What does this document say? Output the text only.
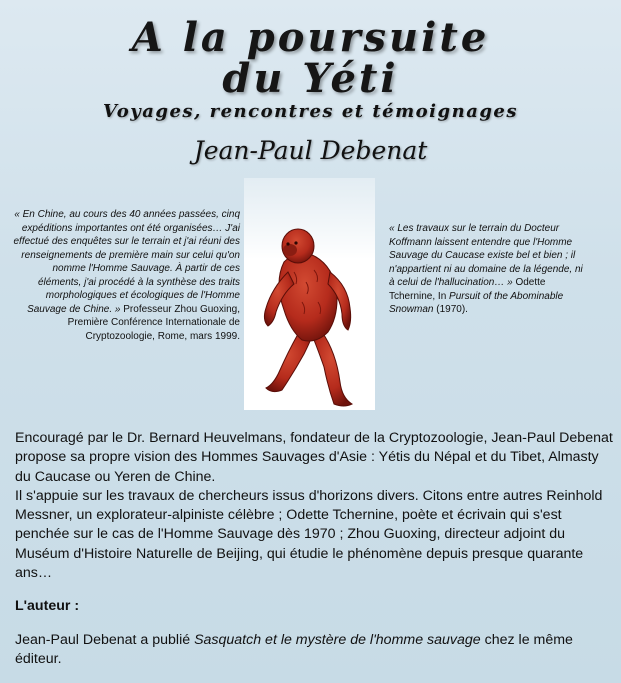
A la poursuite
du Yéti
Voyages, rencontres et témoignages
Jean-Paul Debenat
« En Chine, au cours des 40 années passées, cinq expéditions importantes ont été organisées… J'ai effectué des enquêtes sur le terrain et j'ai réuni des renseignements de première main sur celui qu'on nomme l'Homme Sauvage. À partir de ces éléments, j'ai procédé à la synthèse des traits morphologiques et écologiques de l'Homme Sauvage de Chine. » Professeur Zhou Guoxing, Première Conférence Internationale de Cryptozoologie, Rome, mars 1999.
« Les travaux sur le terrain du Docteur Koffmann laissent entendre que l'Homme Sauvage du Caucase existe bel et bien ; il n'appartient ni au domaine de la légende, ni à celui de l'hallucination… » Odette Tchernine, In Pursuit of the Abominable Snowman (1970).

Encouragé par le Dr. Bernard Heuvelmans, fondateur de la Cryptozoologie, Jean-Paul Debenat propose sa propre vision des Hommes Sauvages d'Asie : Yétis du Népal et du Tibet, Almasty du Caucase ou Yeren de Chine.

Il s'appuie sur les travaux de chercheurs issus d'horizons divers. Citons entre autres Reinhold Messner, un explorateur-alpiniste célèbre ; Odette Tchernine, poète et écrivain qui s'est penchée sur le cas de l'Homme Sauvage dès 1970 ; Zhou Guoxing, directeur adjoint du Muséum d'Histoire Naturelle de Beijing, qui étudie le phénomène depuis presque quarante ans…

L'auteur :
Jean-Paul Debenat a publié Sasquatch et le mystère de l'homme sauvage chez le même éditeur.
